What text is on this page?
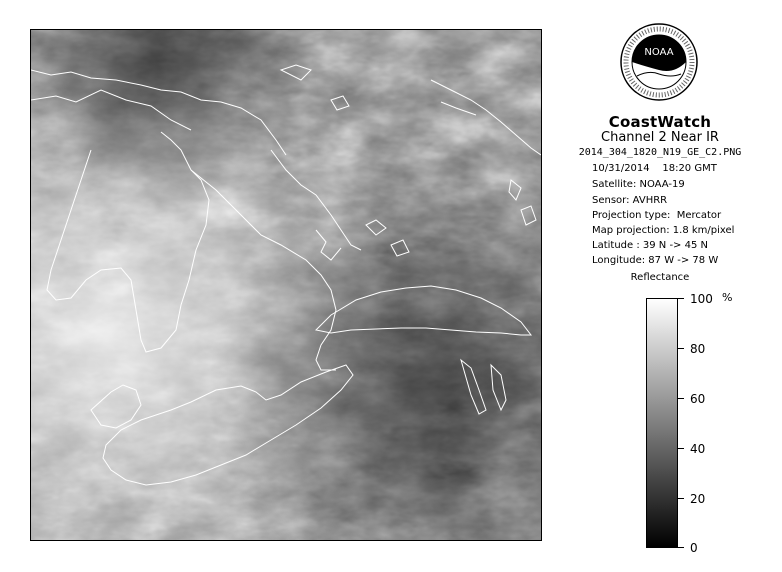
NOAA
CoastWatch
Channel 2 Near IR
2014_304_1820_N19_GE_C2.PNG
10/31/2014    18:20 GMT
Satellite: NOAA-19
Sensor: AVHRR
Projection type:  Mercator
Map projection: 1.8 km/pixel
Latitude : 39 N -> 45 N
Longitude: 87 W -> 78 W
Reflectance
%
100
80
60
40
20
0
